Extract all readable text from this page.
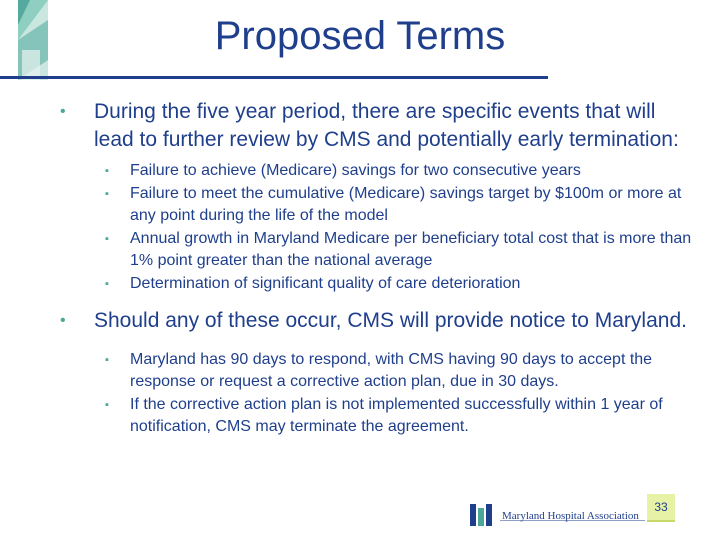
Proposed Terms
•	During the five year period, there are specific events that will lead to further review by CMS and potentially early termination:
▪	Failure to achieve (Medicare) savings for two consecutive years
▪	Failure to meet the cumulative (Medicare) savings target by $100m or more at any point during the life of the model
▪	Annual growth in Maryland Medicare per beneficiary total cost that is more than 1% point greater than the national average
▪	Determination of significant quality of care deterioration
•	Should any of these occur, CMS will provide notice to Maryland.
▪	Maryland has 90 days to respond, with CMS having 90 days to accept the response or request a corrective action plan, due in 30 days.
▪	If the corrective action plan is not implemented successfully within 1 year of notification, CMS may terminate the agreement.
Maryland Hospital Association
33
